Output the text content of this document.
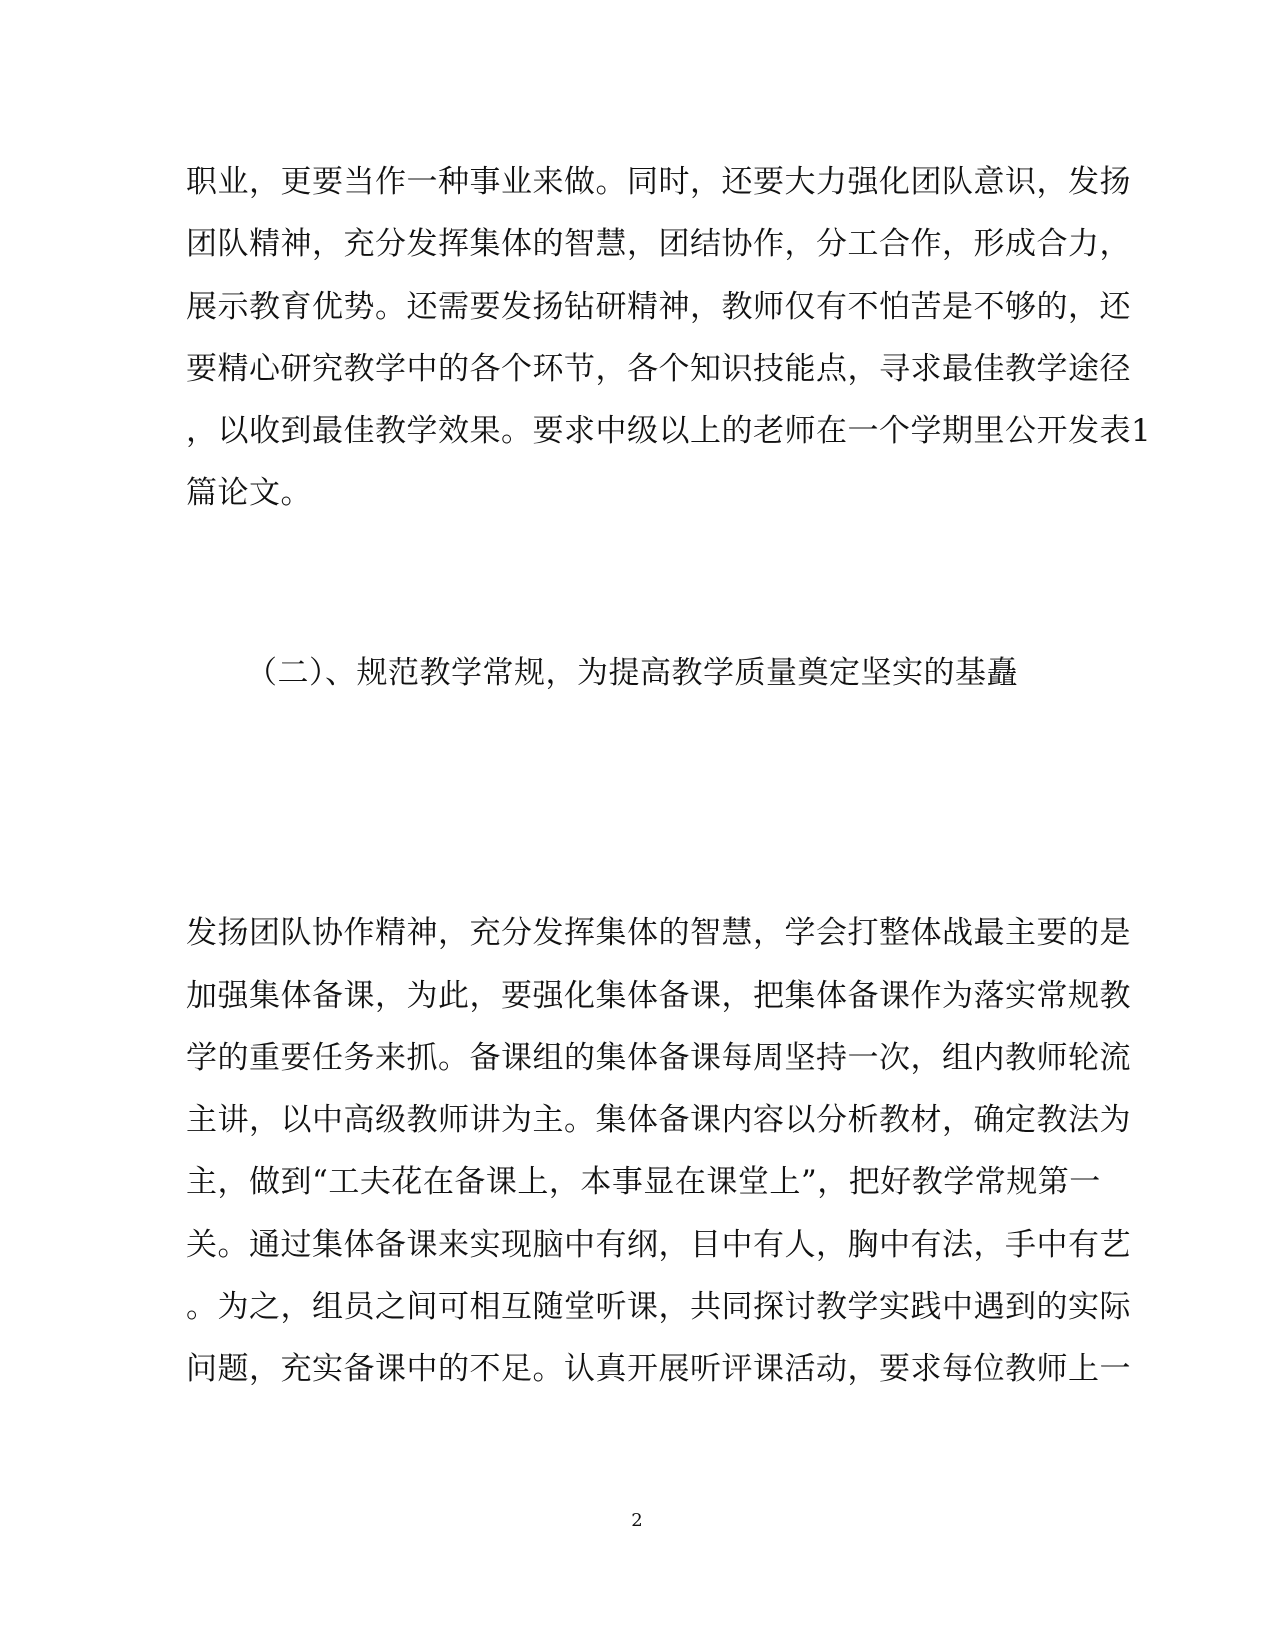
职业，更要当作一种事业来做。同时，还要大力强化团队意识，发扬
团队精神，充分发挥集体的智慧，团结协作，分工合作，形成合力，
展示教育优势。还需要发扬钻研精神，教师仅有不怕苦是不够的，还
要精心研究教学中的各个环节，各个知识技能点，寻求最佳教学途径
，以收到最佳教学效果。要求中级以上的老师在一个学期里公开发表1
篇论文。
（二）、规范教学常规，为提高教学质量奠定坚实的基矗
发扬团队协作精神，充分发挥集体的智慧，学会打整体战最主要的是
加强集体备课，为此，要强化集体备课，把集体备课作为落实常规教
学的重要任务来抓。备课组的集体备课每周坚持一次，组内教师轮流
主讲，以中高级教师讲为主。集体备课内容以分析教材，确定教法为
主，做到“工夫花在备课上，本事显在课堂上”，把好教学常规第一
关。通过集体备课来实现脑中有纲，目中有人，胸中有法，手中有艺
。为之，组员之间可相互随堂听课，共同探讨教学实践中遇到的实际
问题，充实备课中的不足。认真开展听评课活动，要求每位教师上一
2
